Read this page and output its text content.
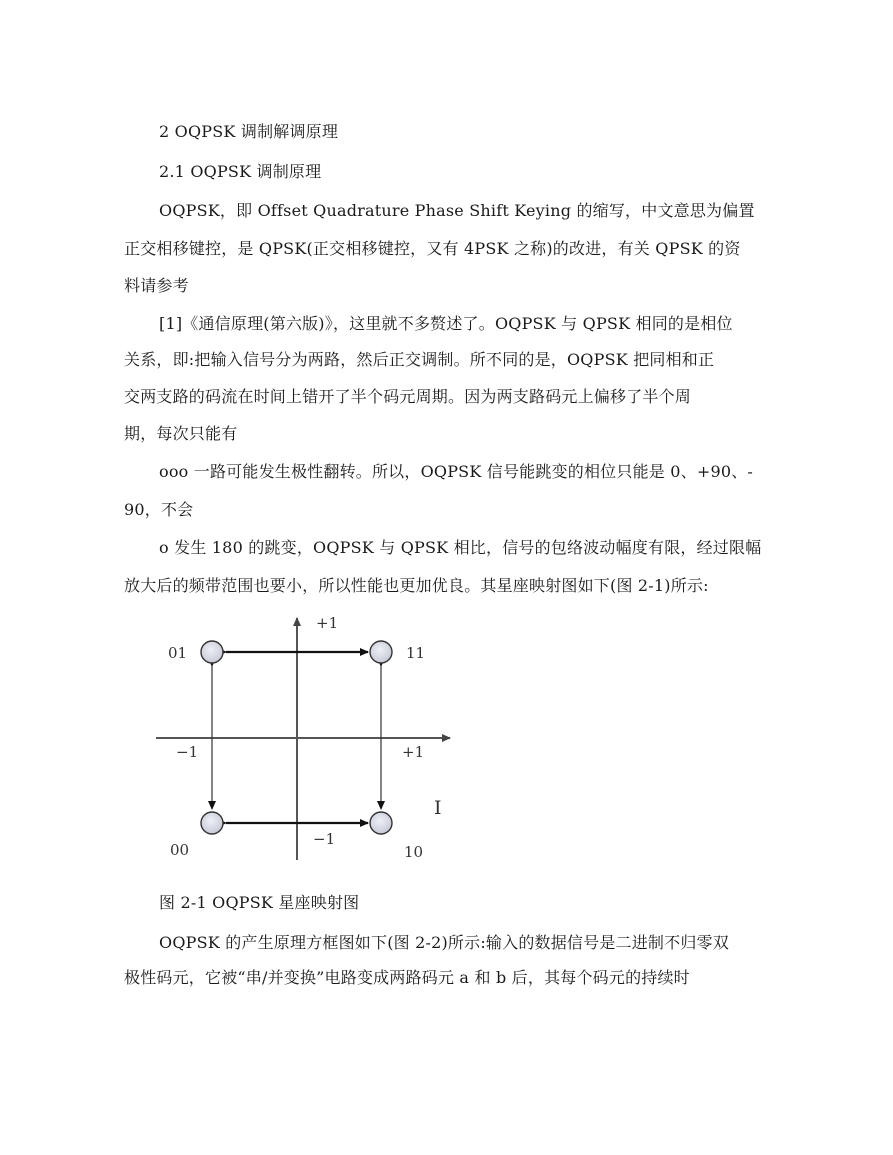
2 OQPSK 调制解调原理
2.1 OQPSK 调制原理
OQPSK，即 Offset Quadrature Phase Shift Keying 的缩写，中文意思为偏置
正交相移键控，是 QPSK(正交相移键控，又有 4PSK 之称)的改进，有关 QPSK 的资
料请参考
[1]《通信原理(第六版)》，这里就不多赘述了。OQPSK 与 QPSK 相同的是相位
关系，即:把输入信号分为两路，然后正交调制。所不同的是，OQPSK 把同相和正
交两支路的码流在时间上错开了半个码元周期。因为两支路码元上偏移了半个周
期，每次只能有
ooo 一路可能发生极性翻转。所以，OQPSK 信号能跳变的相位只能是 0、+90、-
90，不会
o 发生 180 的跳变，OQPSK 与 QPSK 相比，信号的包络波动幅度有限，经过限幅
放大后的频带范围也要小，所以性能也更加优良。其星座映射图如下(图 2-1)所示:
+1
−1	+1
−1
I
01	11
00	10
图 2-1 OQPSK 星座映射图
OQPSK 的产生原理方框图如下(图 2-2)所示:输入的数据信号是二进制不归零双
极性码元，它被“串/并变换”电路变成两路码元 a 和 b 后，其每个码元的持续时
